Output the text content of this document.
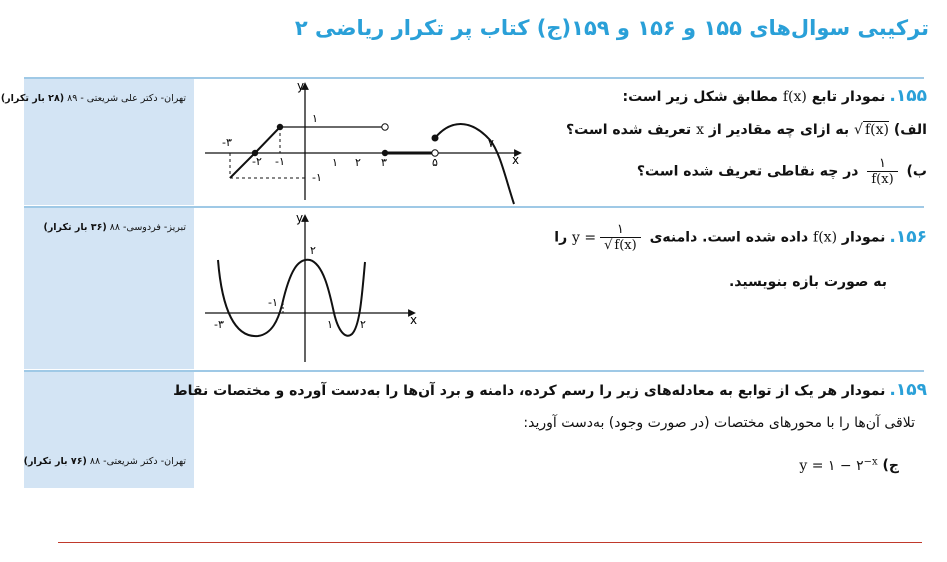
ترکیبی سوال‌های ۱۵۵ و ۱۵۶ و ۱۵۹(ج) کتاب پر تکرار ریاضی ۲
تهران- دکتر علی شریعتی - ۸۹ (۲۸ بار تکرار)
تبریز- فردوسی- ۸۸ (۳۶ بار تکرار)
تهران- دکتر شریعتی- ۸۸ (۷۶ بار تکرار)
۱۵۵.نمودار تابع f(x) مطابق شکل زیر است:
الف) √ f(x) به ازای چه مقادیر از x تعریف شده است؟
ب)
$\frac{۱}{f(x)}$
در چه نقاطی تعریف شده است؟
x
y
-۳
-۲ -۱	۱ ۲ ۳	۵
۷
۱
-۱
۱۵۶.نمودار f(x) داده شده است. دامنه‌ی $y = \frac{۱}{√ f(x)}$
را
به صورت بازه بنویسید.
x
y
-۳
-۱
۱ ۲
۲
۱۵۹.نمودار هر یک از توابع به معادله‌های زیر را رسم کرده، دامنه و برد آن‌ها را به‌دست آورده و مختصات نقاط
تلاقی آن‌ها را با محورهای مختصات (در صورت وجود) به‌دست آورید:
ج) y = ۱ − $۲^{-x}$
